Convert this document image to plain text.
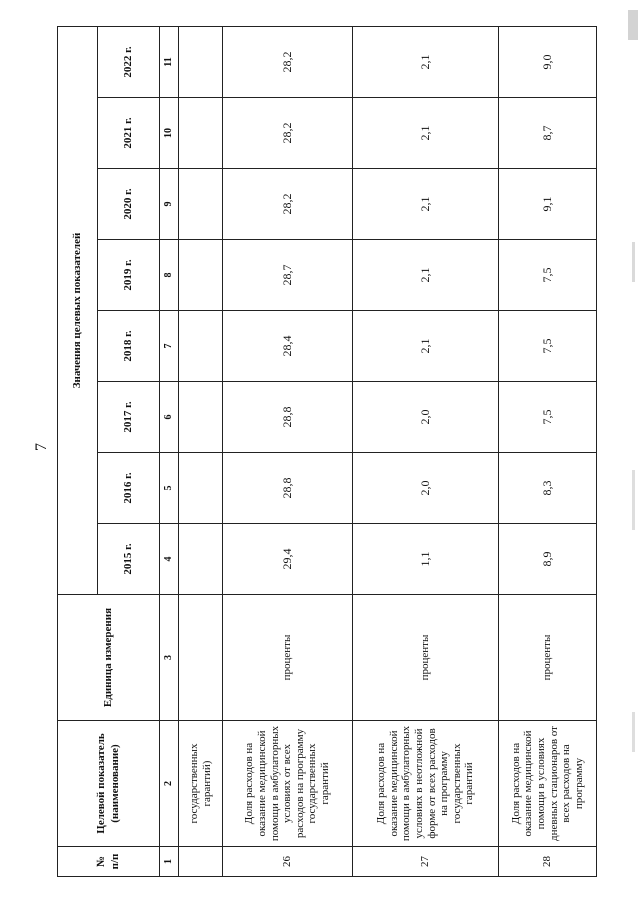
7
№ п/п	Целевой показатель (наименование)	Единица измерения	Значения целевых показателей							
			2015 г.	2016 г.	2017 г.	2018 г.	2019 г.	2020 г.	2021 г.	2022 г.
1	2	3	4	5	6	7	8	9	10	11
	государственных гарантий)									
26	Доля расходов на оказание медицинской помощи в амбулаторных условиях от всех расходов на программу государственных гарантий	проценты	29,4	28,8	28,8	28,4	28,7	28,2	28,2	28,2
27	Доля расходов на оказание медицинской помощи в амбулаторных условиях в неотложной форме от всех расходов на программу государственных гарантий	проценты	1,1	2,0	2,0	2,1	2,1	2,1	2,1	2,1
28	Доля расходов на оказание медицинской помощи в условиях дневных стационаров от всех расходов на программу	проценты	8,9	8,3	7,5	7,5	7,5	9,1	8,7	9,0
